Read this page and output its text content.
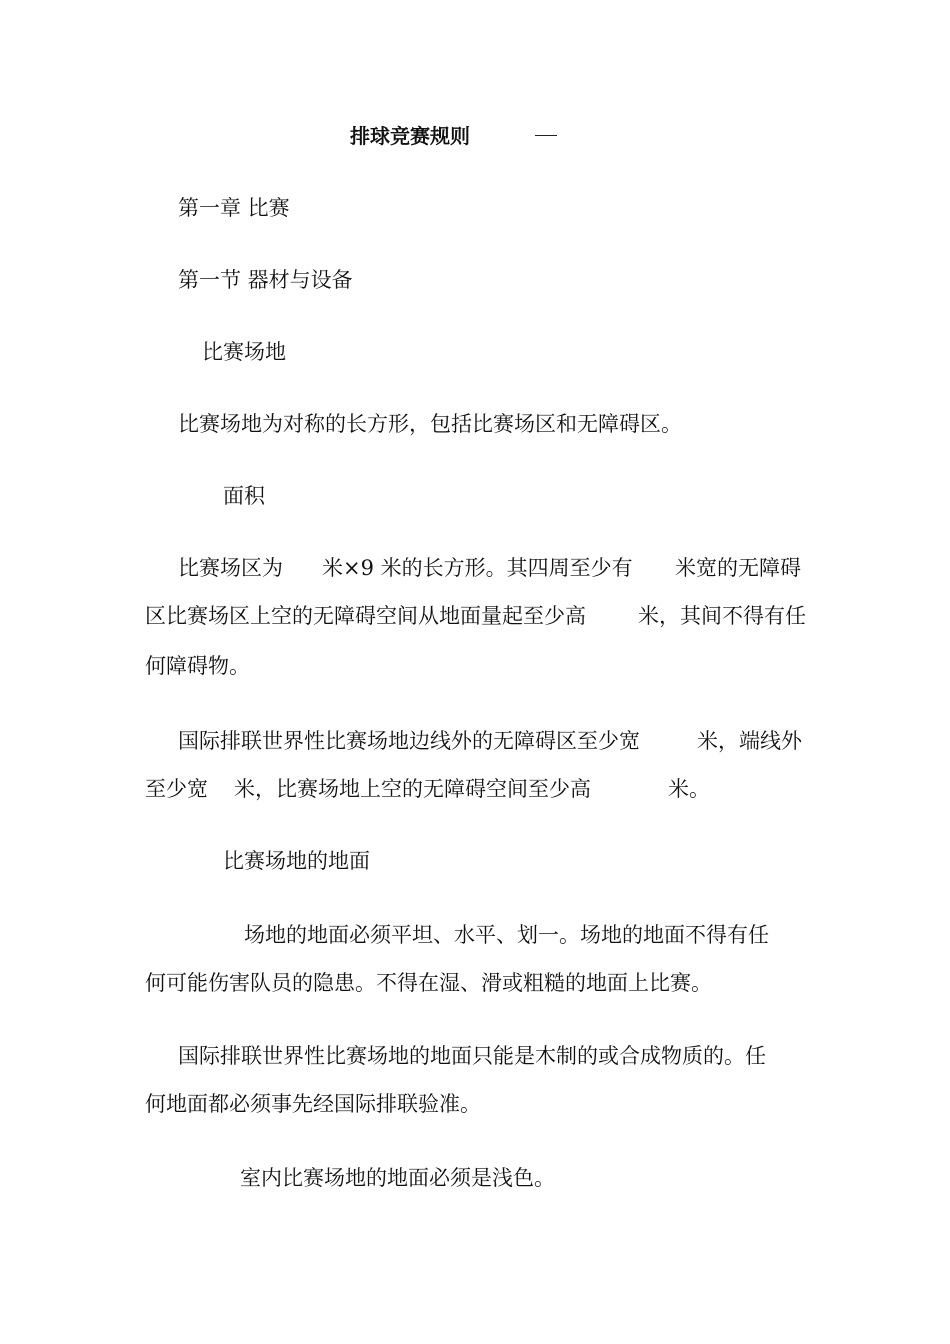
排球竞赛规则
第一章 比赛
第一节 器材与设备
比赛场地
比赛场地为对称的长方形，包括比赛场区和无障碍区。
面积
比赛场区为 米×9 米的长方形。其四周至少有 米宽的无障碍
区比赛场区上空的无障碍空间从地面量起至少高 米，其间不得有任
何障碍物。
国际排联世界性比赛场地边线外的无障碍区至少宽	米，端线外
至少宽 米，比赛场地上空的无障碍空间至少高	米。
比赛场地的地面
场地的地面必须平坦、水平、划一。场地的地面不得有任
何可能伤害队员的隐患。不得在湿、滑或粗糙的地面上比赛。
国际排联世界性比赛场地的地面只能是木制的或合成物质的。任
何地面都必须事先经国际排联验准。
室内比赛场地的地面必须是浅色。
